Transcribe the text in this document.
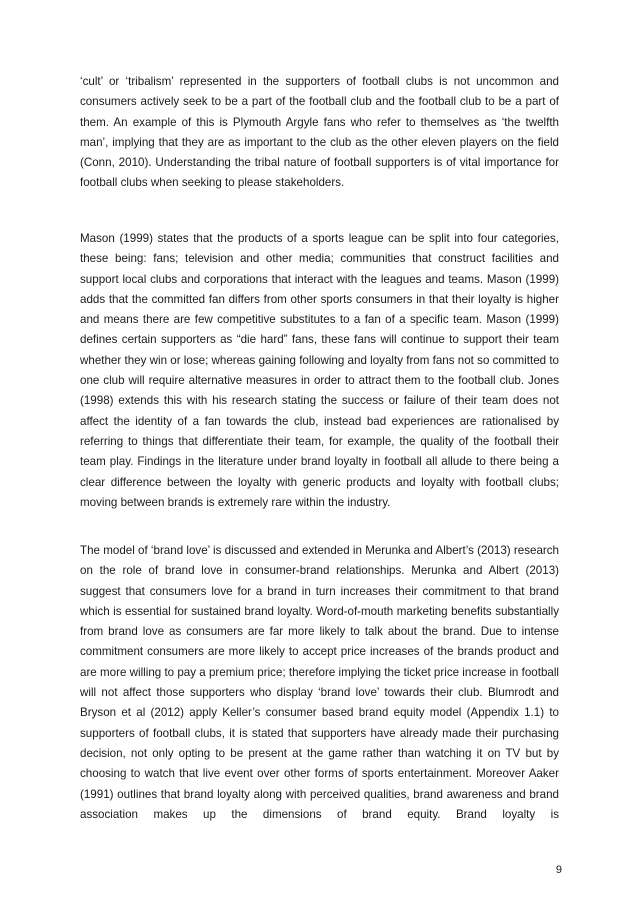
‘cult’ or ‘tribalism’ represented in the supporters of football clubs is not uncommon and consumers actively seek to be a part of the football club and the football club to be a part of them. An example of this is Plymouth Argyle fans who refer to themselves as ‘the twelfth man’, implying that they are as important to the club as the other eleven players on the field (Conn, 2010). Understanding the tribal nature of football supporters is of vital importance for football clubs when seeking to please stakeholders.

Mason (1999) states that the products of a sports league can be split into four categories, these being: fans; television and other media; communities that construct facilities and support local clubs and corporations that interact with the leagues and teams. Mason (1999) adds that the committed fan differs from other sports consumers in that their loyalty is higher and means there are few competitive substitutes to a fan of a specific team. Mason (1999) defines certain supporters as “die hard” fans, these fans will continue to support their team whether they win or lose; whereas gaining following and loyalty from fans not so committed to one club will require alternative measures in order to attract them to the football club. Jones (1998) extends this with his research stating the success or failure of their team does not affect the identity of a fan towards the club, instead bad experiences are rationalised by referring to things that differentiate their team, for example, the quality of the football their team play. Findings in the literature under brand loyalty in football all allude to there being a clear difference between the loyalty with generic products and loyalty with football clubs; moving between brands is extremely rare within the industry.

The model of ‘brand love’ is discussed and extended in Merunka and Albert’s (2013) research on the role of brand love in consumer-brand relationships. Merunka and Albert (2013) suggest that consumers love for a brand in turn increases their commitment to that brand which is essential for sustained brand loyalty. Word-of-mouth marketing benefits substantially from brand love as consumers are far more likely to talk about the brand. Due to intense commitment consumers are more likely to accept price increases of the brands product and are more willing to pay a premium price; therefore implying the ticket price increase in football will not affect those supporters who display ‘brand love’ towards their club. Blumrodt and Bryson et al (2012) apply Keller’s consumer based brand equity model (Appendix 1.1) to supporters of football clubs, it is stated that supporters have already made their purchasing decision, not only opting to be present at the game rather than watching it on TV but by choosing to watch that live event over other forms of sports entertainment. Moreover Aaker (1991) outlines that brand loyalty along with perceived qualities, brand awareness and brand association makes up the dimensions of brand equity. Brand loyalty is

9
